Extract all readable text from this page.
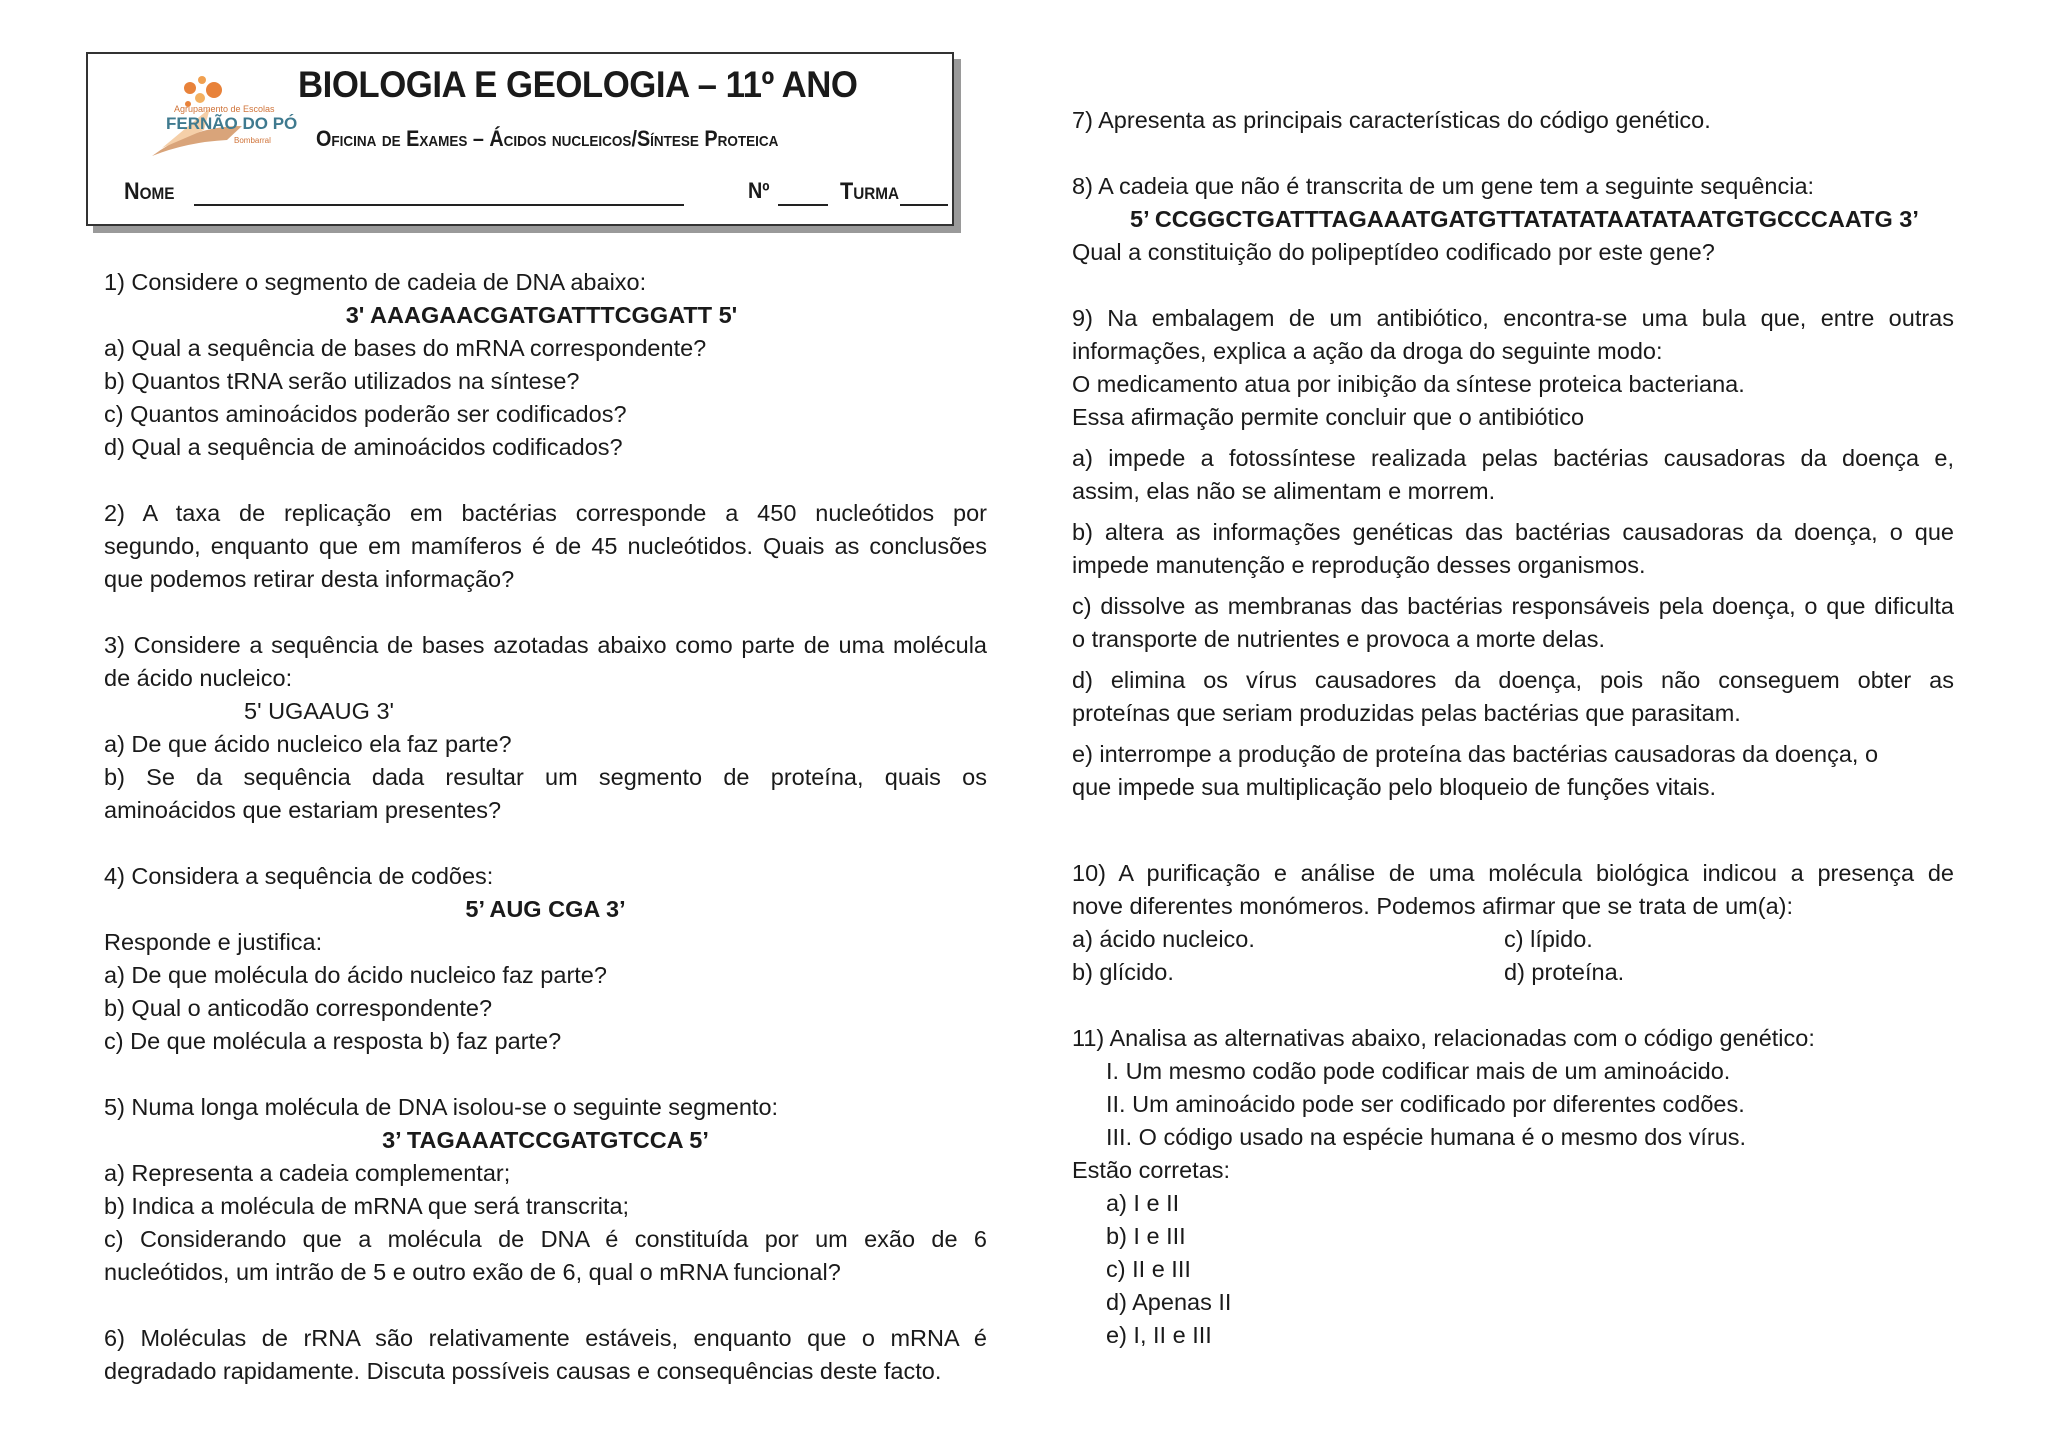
Agrupamento de Escolas
FERNÃO DO PÓ
Bombarral
BIOLOGIA E GEOLOGIA – 11º ANO
Oficina de Exames – Ácidos nucleicos/Síntese Proteica
Nome	Nº	Turma
1) Considere o segmento de cadeia de DNA abaixo:
3' AAAGAACGATGATTTCGGATT 5'
a) Qual a sequência de bases do mRNA correspondente?
b) Quantos tRNA serão utilizados na síntese?
c) Quantos aminoácidos poderão ser codificados?
d) Qual a sequência de aminoácidos codificados?
2) A taxa de replicação em bactérias corresponde a 450 nucleótidos por
segundo, enquanto que em mamíferos é de 45 nucleótidos. Quais as conclusões
que podemos retirar desta informação?
3) Considere a sequência de bases azotadas abaixo como parte de uma molécula
de ácido nucleico:
5' UGAAUG 3'
a) De que ácido nucleico ela faz parte?
b) Se da sequência dada resultar um segmento de proteína, quais os
aminoácidos que estariam presentes?
4) Considera a sequência de codões:
5’ AUG CGA 3’
Responde e justifica:
a) De que molécula do ácido nucleico faz parte?
b) Qual o anticodão correspondente?
c) De que molécula a resposta b) faz parte?
5) Numa longa molécula de DNA isolou-se o seguinte segmento:
3’ TAGAAATCCGATGTCCA 5’
a) Representa a cadeia complementar;
b) Indica a molécula de mRNA que será transcrita;
c) Considerando que a molécula de DNA é constituída por um exão de 6
nucleótidos, um intrão de 5 e outro exão de 6, qual o mRNA funcional?
6) Moléculas de rRNA são relativamente estáveis, enquanto que o mRNA é
degradado rapidamente. Discuta possíveis causas e consequências deste facto.
7) Apresenta as principais características do código genético.
8) A cadeia que não é transcrita de um gene tem a seguinte sequência:
5’ CCGGCTGATTTAGAAATGATGTTATATATAATATAATGTGCCCAATG 3’
Qual a constituição do polipeptídeo codificado por este gene?
9) Na embalagem de um antibiótico, encontra-se uma bula que, entre outras
informações, explica a ação da droga do seguinte modo:
O medicamento atua por inibição da síntese proteica bacteriana.
Essa afirmação permite concluir que o antibiótico
a) impede a fotossíntese realizada pelas bactérias causadoras da doença e,
assim, elas não se alimentam e morrem.
b) altera as informações genéticas das bactérias causadoras da doença, o que
impede manutenção e reprodução desses organismos.
c) dissolve as membranas das bactérias responsáveis pela doença, o que dificulta
o transporte de nutrientes e provoca a morte delas.
d) elimina os vírus causadores da doença, pois não conseguem obter as
proteínas que seriam produzidas pelas bactérias que parasitam.
e) interrompe a produção de proteína das bactérias causadoras da doença, o
que impede sua multiplicação pelo bloqueio de funções vitais.
10) A purificação e análise de uma molécula biológica indicou a presença de
nove diferentes monómeros. Podemos afirmar que se trata de um(a):
a) ácido nucleico.	c) lípido.
b) glícido.	d) proteína.
11) Analisa as alternativas abaixo, relacionadas com o código genético:
I. Um mesmo codão pode codificar mais de um aminoácido.
II. Um aminoácido pode ser codificado por diferentes codões.
III. O código usado na espécie humana é o mesmo dos vírus.
Estão corretas:
a) I e II
b) I e III
c) II e III
d) Apenas II
e) I, II e III
